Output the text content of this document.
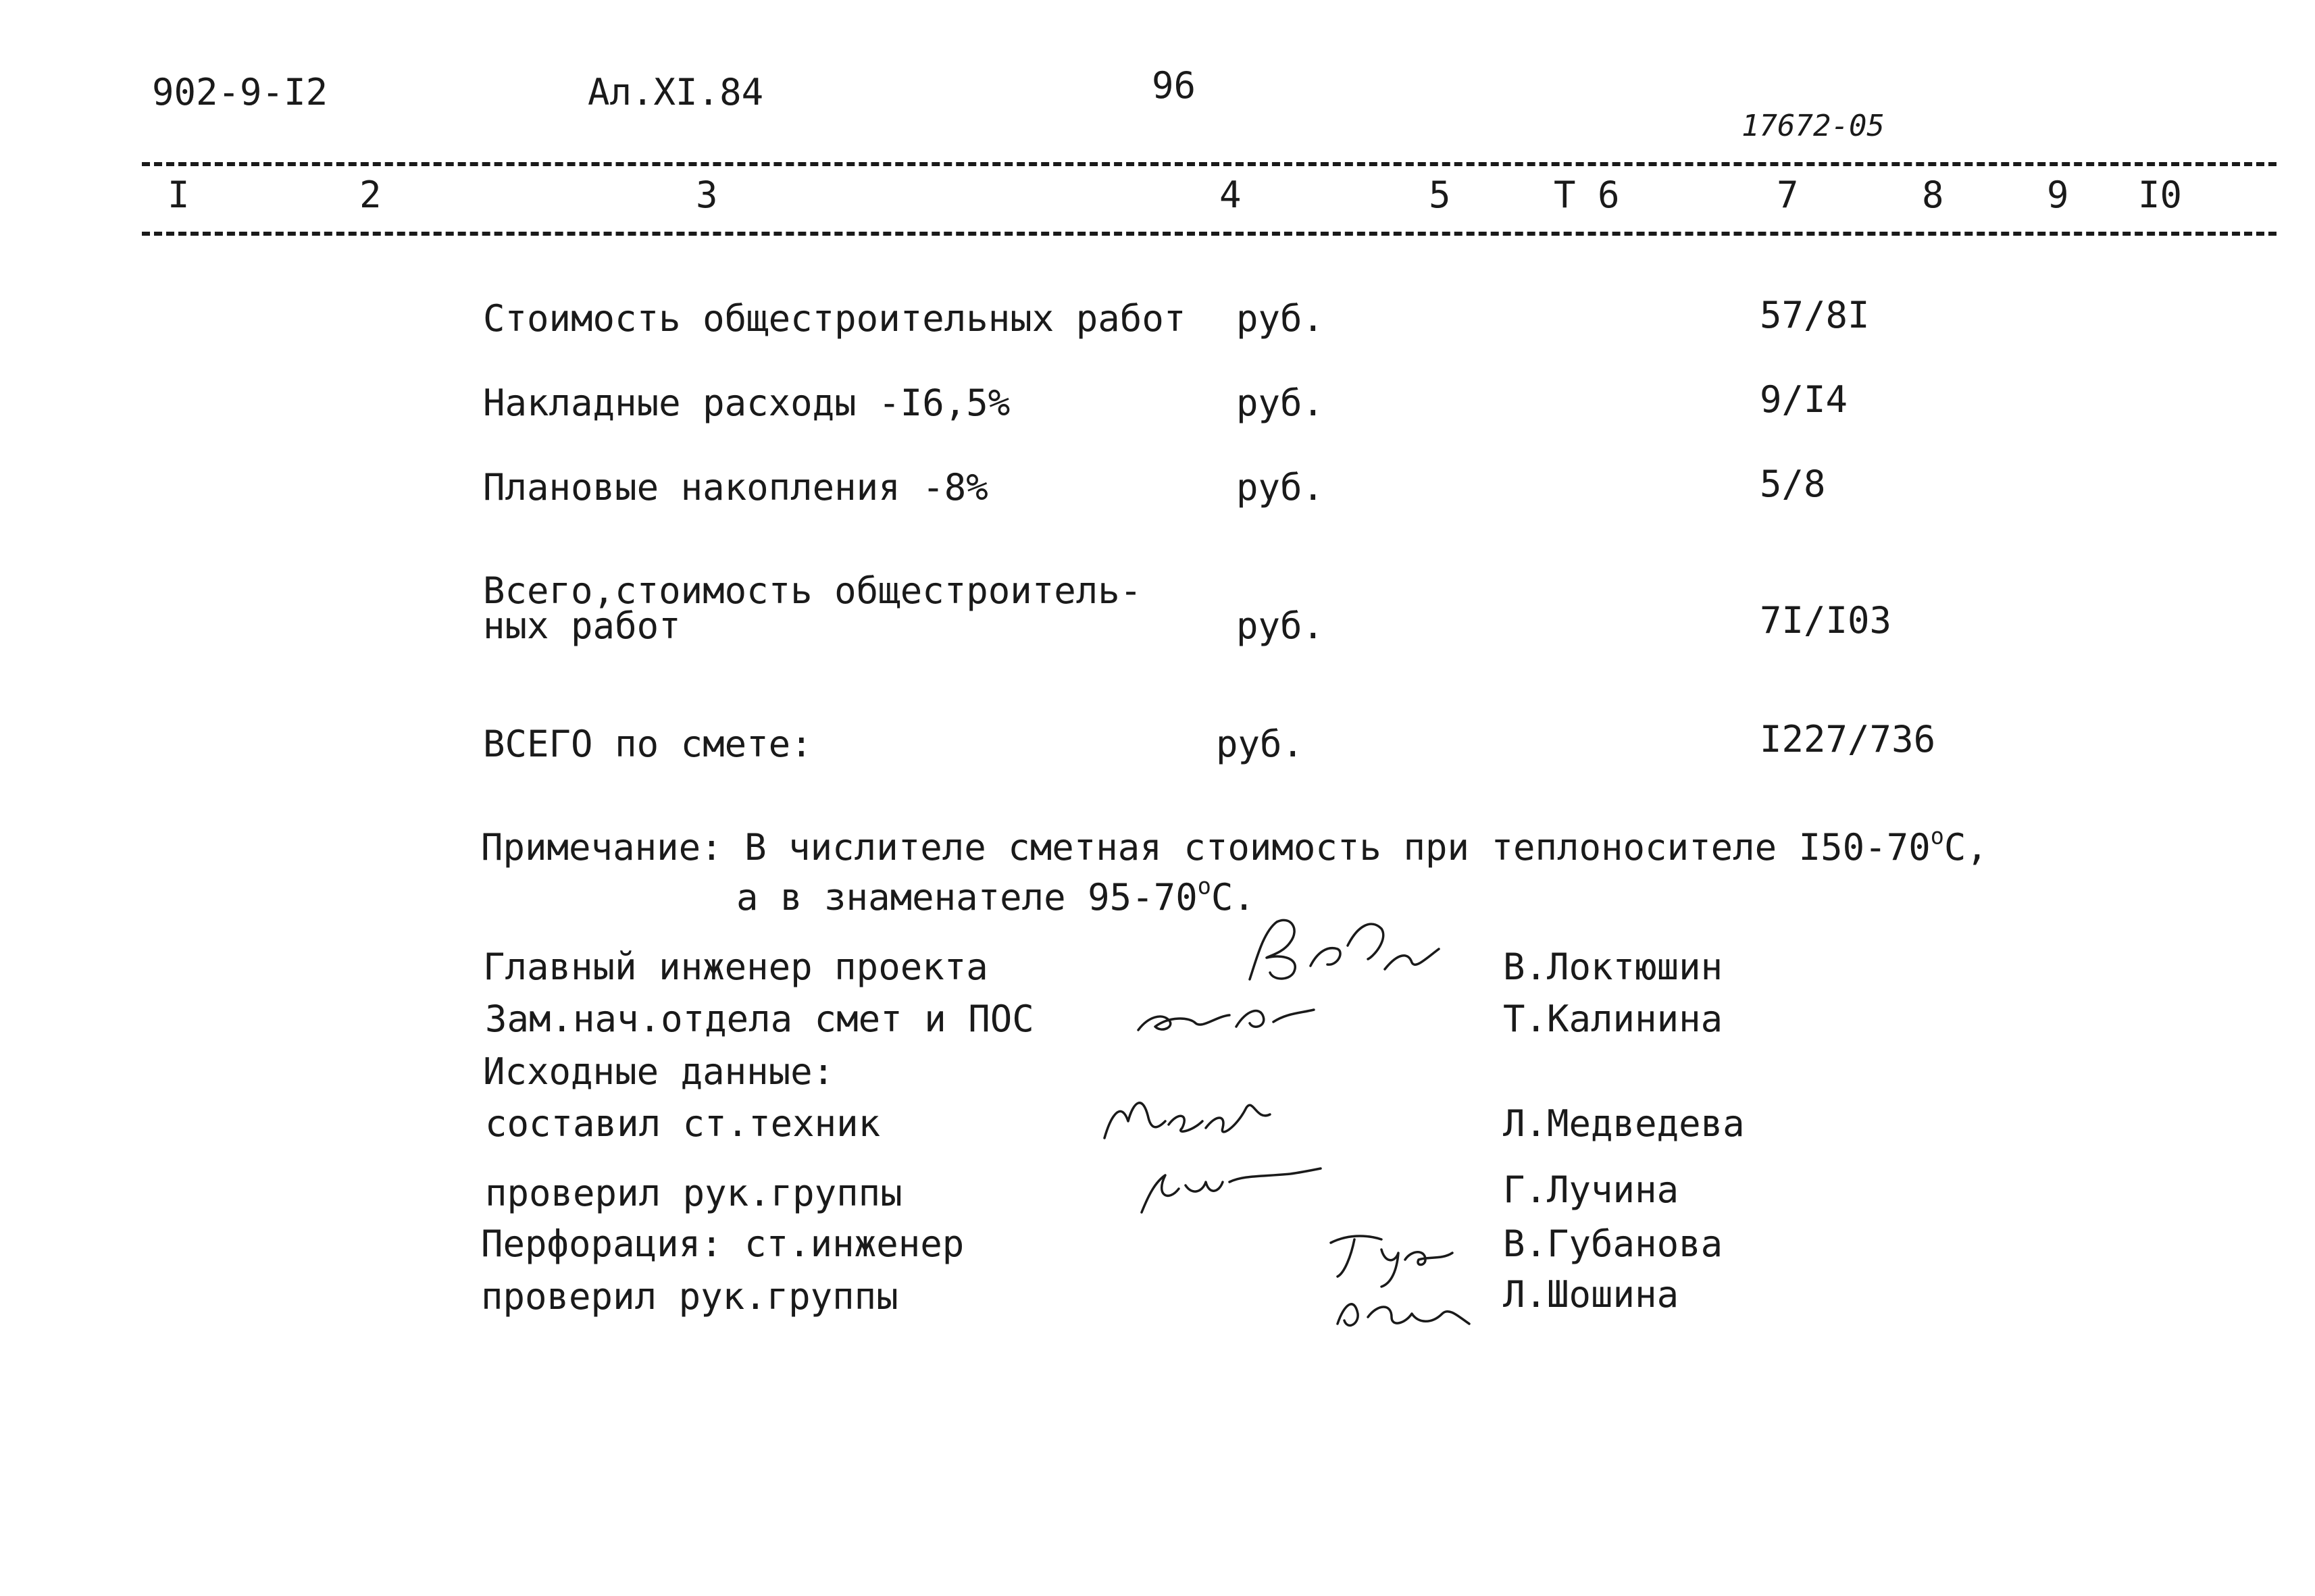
902-9-I2	Ал.XI.84	96
17672-05
I	2	3	4	5	Т 6	7	8	9 I0
Стоимость общестроительных работ руб.	57/8I
Накладные расходы -I6,5%	руб.	9/I4
Плановые накопления -8%	руб.	5/8
Всего,стоимость общестроитель-
ных работ	руб.	7I/I03
ВСЕГО по смете:	руб.	I227/736
Примечание: В числителе сметная стоимость при теплоносителе $I50-70^оС$,
а в знаменателе $95-70^оС$.
Главный инженер проекта	В.Локтюшин
Зам.нач.отдела смет и ПОС	Т.Калинина
Исходные данные:
составил ст.техник	Л.Медведева
проверил рук.группы	Г.Лучина
Перфорация: ст.инженер	В.Губанова
проверил рук.группы	Л.Шошина
